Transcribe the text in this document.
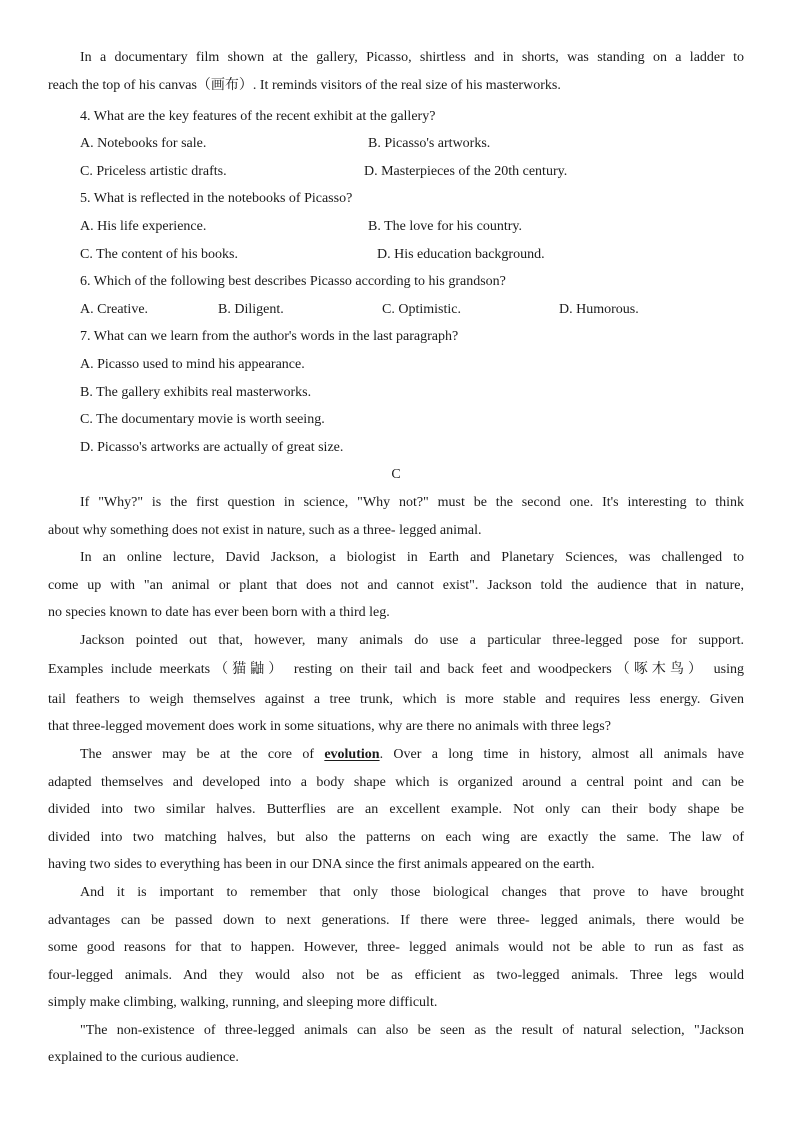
In a documentary film shown at the gallery, Picasso, shirtless and in shorts, was standing on a ladder to
reach the top of his canvas（画布）. It reminds visitors of the real size of his masterworks.
4. What are the key features of the recent exhibit at the gallery?
A. Notebooks for sale.	B. Picasso's artworks.
C. Priceless artistic drafts.	D. Masterpieces of the 20th century.
5. What is reflected in the notebooks of Picasso?
A. His life experience.	B. The love for his country.
C. The content of his books.	D. His education background.
6. Which of the following best describes Picasso according to his grandson?
A. Creative.	B. Diligent.	C. Optimistic.	D. Humorous.
7. What can we learn from the author's words in the last paragraph?
A. Picasso used to mind his appearance.
B. The gallery exhibits real masterworks.
C. The documentary movie is worth seeing.
D. Picasso's artworks are actually of great size.
C
If "Why?" is the first question in science, "Why not?" must be the second one. It's interesting to think
about why something does not exist in nature, such as a three- legged animal.
In an online lecture, David Jackson, a biologist in Earth and Planetary Sciences, was challenged to
come up with "an animal or plant that does not and cannot exist". Jackson told the audience that in nature,
no species known to date has ever been born with a third leg.
Jackson pointed out that, however, many animals do use a particular three-legged pose for support.
Examples include meerkats（猫鼬） resting on their tail and back feet and woodpeckers（啄木鸟） using
tail feathers to weigh themselves against a tree trunk, which is more stable and requires less energy. Given
that three-legged movement does work in some situations, why are there no animals with three legs?
The answer may be at the core of evolution. Over a long time in history, almost all animals have
adapted themselves and developed into a body shape which is organized around a central point and can be
divided into two similar halves. Butterflies are an excellent example. Not only can their body shape be
divided into two matching halves, but also the patterns on each wing are exactly the same. The law of
having two sides to everything has been in our DNA since the first animals appeared on the earth.
And it is important to remember that only those biological changes that prove to have brought
advantages can be passed down to next generations. If there were three- legged animals, there would be
some good reasons for that to happen. However, three- legged animals would not be able to run as fast as
four-legged animals. And they would also not be as efficient as two-legged animals. Three legs would
simply make climbing, walking, running, and sleeping more difficult.
"The non-existence of three-legged animals can also be seen as the result of natural selection, "Jackson
explained to the curious audience.
